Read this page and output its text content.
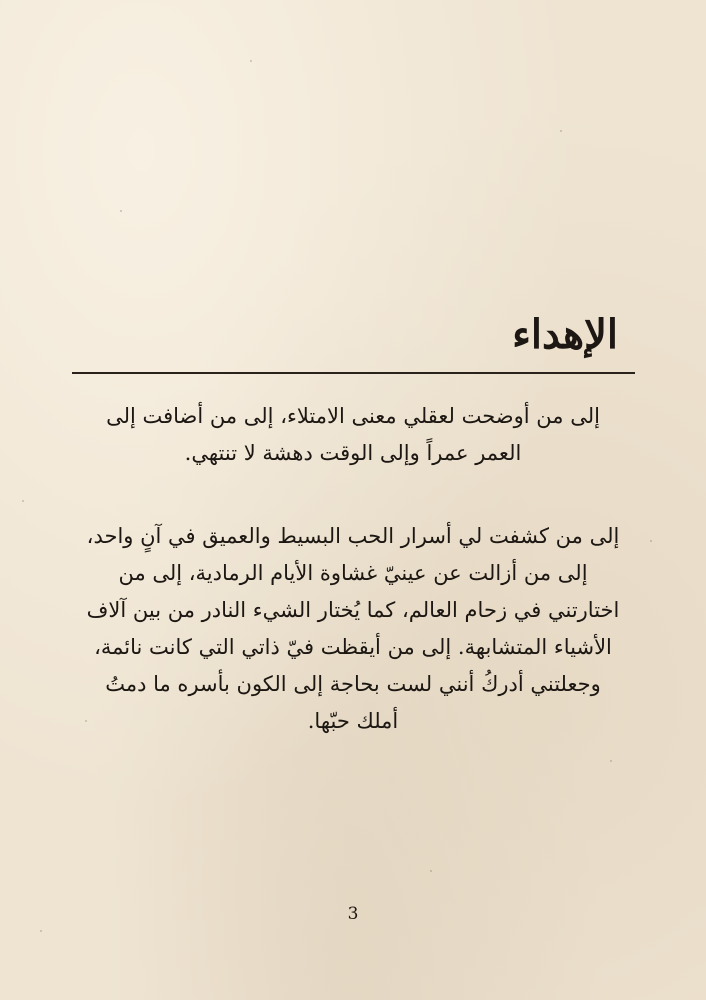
الإهداء

إلى من أوضحت لعقلي معنى الامتلاء، إلى من أضافت إلى العمر عمراً وإلى الوقت دهشة لا تنتهي.

إلى من كشفت لي أسرار الحب البسيط والعميق في آنٍ واحد، إلى من أزالت عن عينيّ غشاوة الأيام الرمادية، إلى من اختارتني في زحام العالم، كما يُختار الشيء النادر من بين آلاف الأشياء المتشابهة. إلى من أيقظت فيّ ذاتي التي كانت نائمة، وجعلتني أدركُ أنني لست بحاجة إلى الكون بأسره ما دمتُ أملك حبّها.

3
